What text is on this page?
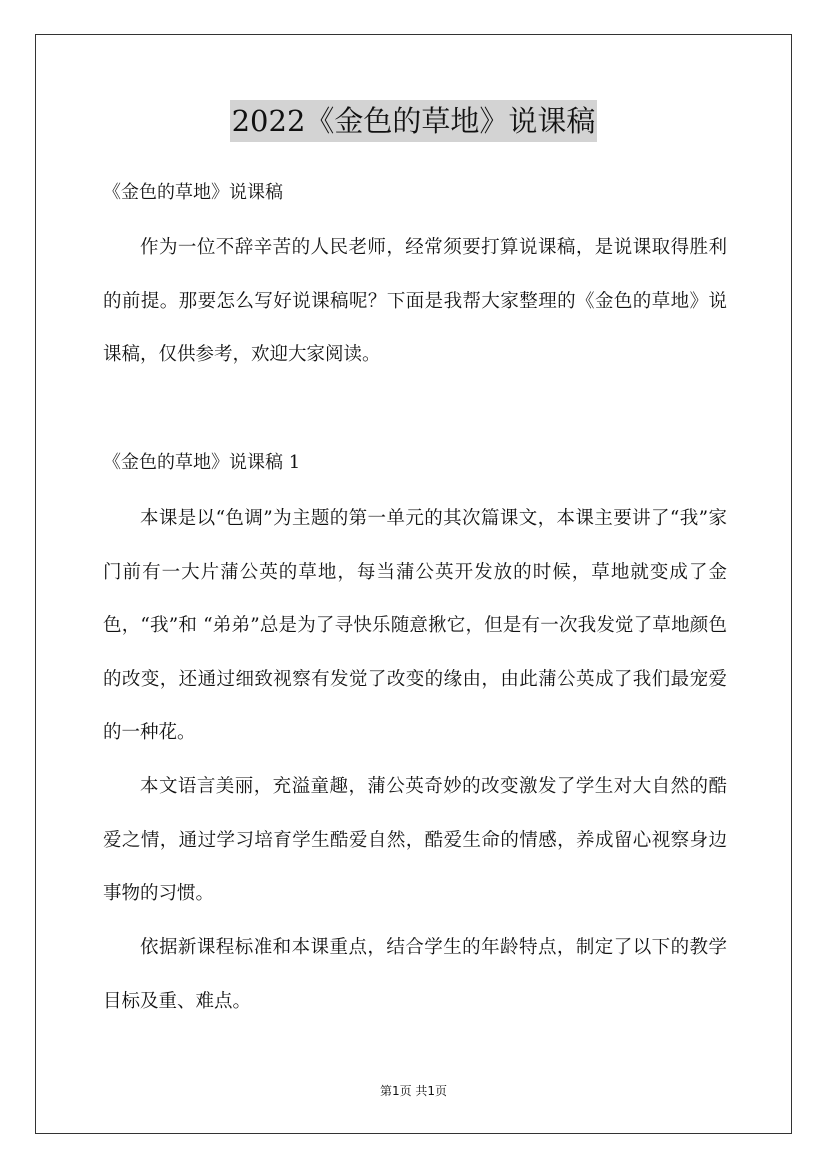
2022《金色的草地》说课稿
《金色的草地》说课稿

作为一位不辞辛苦的人民老师，经常须要打算说课稿，是说课取得胜利的前提。那要怎么写好说课稿呢？下面是我帮大家整理的《金色的草地》说课稿，仅供参考，欢迎大家阅读。

《金色的草地》说课稿 1

本课是以“色调”为主题的第一单元的其次篇课文，本课主要讲了“我”家门前有一大片蒲公英的草地，每当蒲公英开发放的时候，草地就变成了金色，“我”和 “弟弟”总是为了寻快乐随意揪它，但是有一次我发觉了草地颜色的改变，还通过细致视察有发觉了改变的缘由，由此蒲公英成了我们最宠爱的一种花。

本文语言美丽，充溢童趣，蒲公英奇妙的改变激发了学生对大自然的酷爱之情，通过学习培育学生酷爱自然，酷爱生命的情感，养成留心视察身边事物的习惯。

依据新课程标准和本课重点，结合学生的年龄特点，制定了以下的教学目标及重、难点。

第1页 共1页
